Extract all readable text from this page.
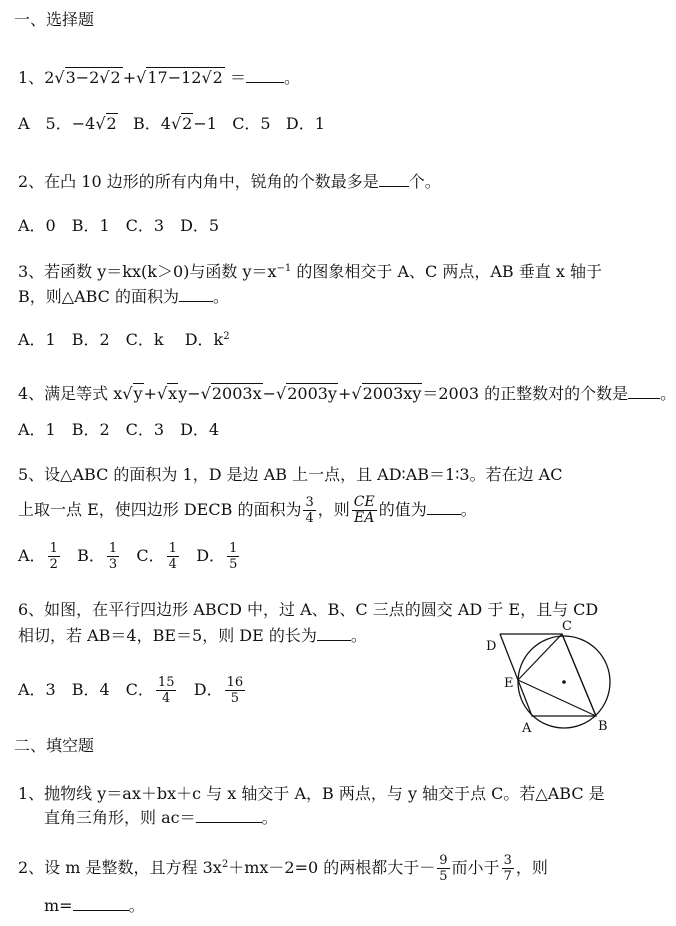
一、选择题
1、2√3−2√2 +√17−12√2 ＝ 。
A　5．−4√2 B．4√2−1 C．5 D．1
2、在凸 10 边形的所有内角中，锐角的个数最多是 个。
A．0　B．1　C．3　D．5
3、若函数 y＝kx(k＞0)与函数 $y=x^{-1}$ 的图象相交于 A、C 两点，AB 垂直 x 轴于
B，则△ABC 的面积为 。
A．1　B．2　C．k　 D．$k^2$
4、满足等式 x√y+√xy−√2003x−√2003y+√2003xy＝2003 的正整数对的个数是 。
A．1　B．2　C．3　D．4
5、设△ABC 的面积为 1，D 是边 AB 上一点，且 AD∶AB＝1∶3。若在边 AC
上取一点 E，使四边形 DECB 的面积为 $\frac{3}{4}$ ，则 $\frac{CE}{EA}$ 的值为 。
A． $\frac{1}{2}$ B． $\frac{1}{3}$ C． $\frac{1}{4}$ D． $\frac{1}{5}$
6、如图，在平行四边形 ABCD 中，过 A、B、C 三点的圆交 AD 于 E，且与 CD
相切，若 AB＝4，BE＝5，则 DE 的长为 。
A．3　B．4　C． $\frac{15}{4}$ D． $\frac{16}{5}$
D
C
E
A	B
二、填空题
1、抛物线 y＝ax＋bx＋c 与 x 轴交于 A，B 两点，与 y 轴交于点 C。若△ABC 是
直角三角形，则 ac＝	。
2、设 m 是整数，且方程 $3x^2+mx-2=0$ 的两根都大于－ $\frac{9}{5}$ 而小于 $\frac{3}{7}$ ，则
m=	。
